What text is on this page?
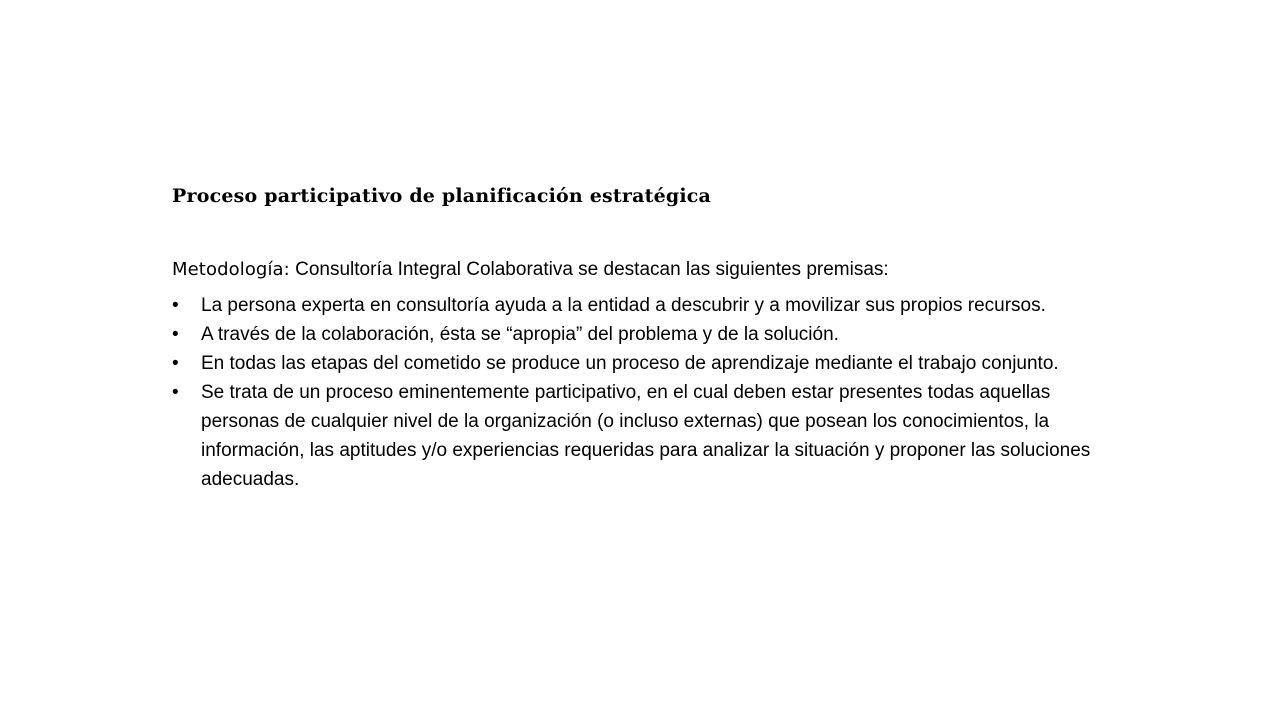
Proceso participativo de planificación estratégica
Metodología: Consultoría Integral Colaborativa se destacan las siguientes premisas:
•	La persona experta en consultoría ayuda a la entidad a descubrir y a movilizar sus propios recursos.
•	A través de la colaboración, ésta se “apropia” del problema y de la solución.
•	En todas las etapas del cometido se produce un proceso de aprendizaje mediante el trabajo conjunto.
•	Se trata de un proceso eminentemente participativo, en el cual deben estar presentes todas aquellas personas de cualquier nivel de la organización (o incluso externas) que posean los conocimientos, la información, las aptitudes y/o experiencias requeridas para analizar la situación y proponer las soluciones adecuadas.
